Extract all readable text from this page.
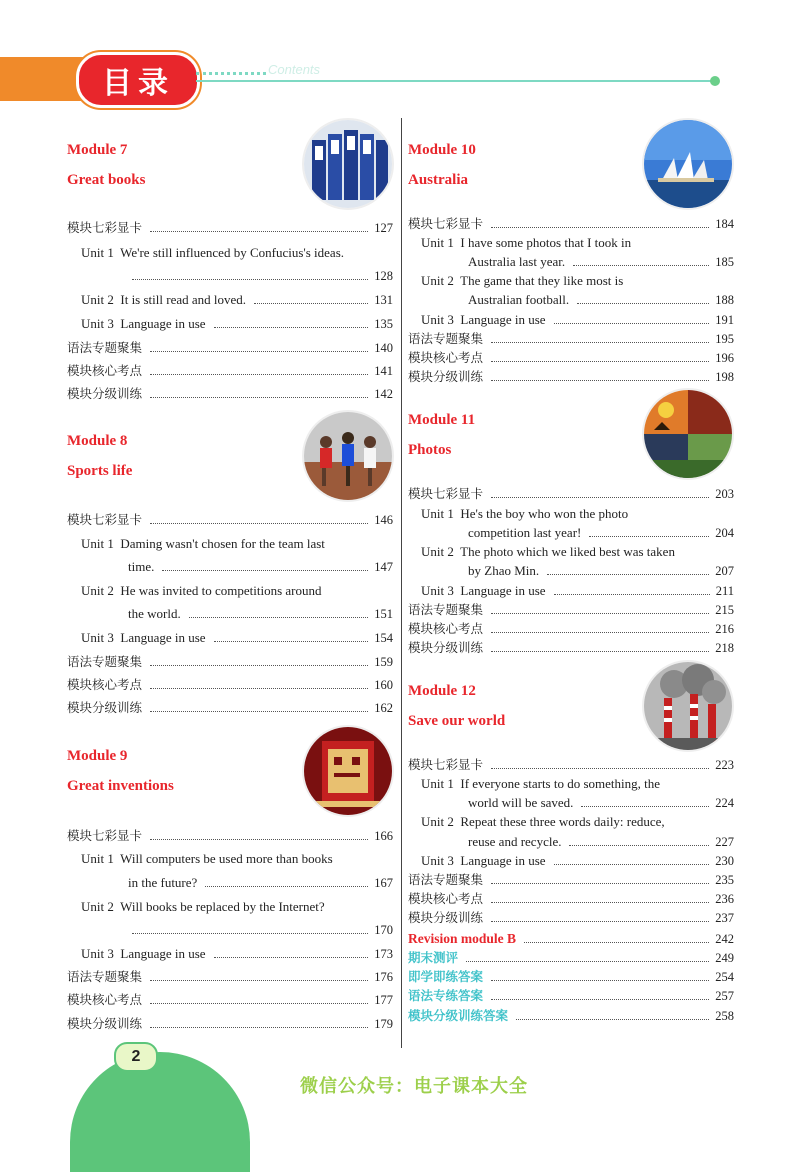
目录	Contents
Module 7
Great books
模块七彩显卡	127
Unit 1 We're still influenced by Confucius's ideas.
128
Unit 2 It is still read and loved.	131
Unit 3 Language in use	135
语法专题聚集	140
模块核心考点	141
模块分级训练	142
Module 8
Sports life
模块七彩显卡	146
Unit 1 Daming wasn't chosen for the team last
time.	147
Unit 2 He was invited to competitions around
the world.	151
Unit 3 Language in use	154
语法专题聚集	159
模块核心考点	160
模块分级训练	162
Module 9
Great inventions
模块七彩显卡	166
Unit 1 Will computers be used more than books
in the future?	167
Unit 2 Will books be replaced by the Internet?
170
Unit 3 Language in use	173
语法专题聚集	176
模块核心考点	177
模块分级训练	179
Module 10
Australia
模块七彩显卡	184
Unit 1 I have some photos that I took in
Australia last year.	185
Unit 2 The game that they like most is
Australian football.	188
Unit 3 Language in use	191
语法专题聚集	195
模块核心考点	196
模块分级训练	198
Module 11
Photos
模块七彩显卡	203
Unit 1 He's the boy who won the photo
competition last year!	204
Unit 2 The photo which we liked best was taken
by Zhao Min.	207
Unit 3 Language in use	211
语法专题聚集	215
模块核心考点	216
模块分级训练	218
Module 12
Save our world
模块七彩显卡	223
Unit 1 If everyone starts to do something, the
world will be saved.	224
Unit 2 Repeat these three words daily: reduce,
reuse and recycle.	227
Unit 3 Language in use	230
语法专题聚集	235
模块核心考点	236
模块分级训练	237
Revision module B	242
期末测评	249
即学即练答案	254
语法专练答案	257
模块分级训练答案	258
2
微信公众号：电子课本大全
